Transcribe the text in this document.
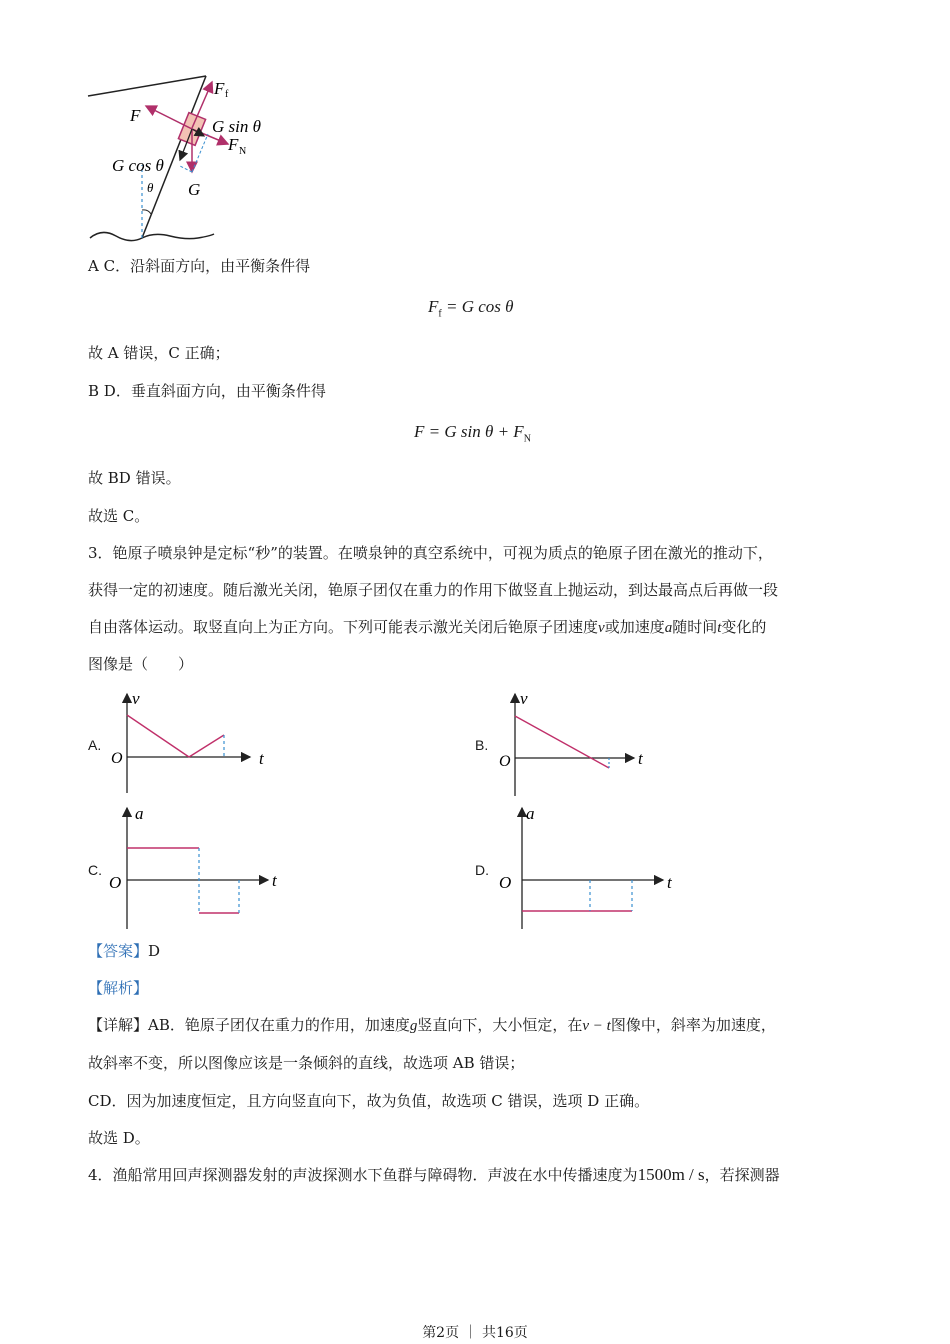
F f
F
G sin θ
F N
G cos θ
θ G
A C．沿斜面方向，由平衡条件得
$F_f = G$ cos θ
故 A 错误，C 正确；
B D．垂直斜面方向，由平衡条件得
F = G $\sin \theta + F_N$
故 BD 错误。
故选 C。
3．铯原子喷泉钟是定标“秒”的装置。在喷泉钟的真空系统中，可视为质点的铯原子团在激光的推动下，
获得一定的初速度。随后激光关闭，铯原子团仅在重力的作用下做竖直上抛运动，到达最高点后再做一段
自由落体运动。取竖直向上为正方向。下列可能表示激光关闭后铯原子团速度v或加速度a随时间t变化的
图像是（　　）
A.
v
t
O
B.
v
t
O
C.
a
t
O
D.
a
t
O
【答案】D
【解析】
【详解】AB．铯原子团仅在重力的作用，加速度g竖直向下，大小恒定，在v − t图像中，斜率为加速度，
故斜率不变，所以图像应该是一条倾斜的直线，故选项 AB 错误；
CD．因为加速度恒定，且方向竖直向下，故为负值，故选项 C 错误，选项 D 正确。
故选 D。
4．渔船常用回声探测器发射的声波探测水下鱼群与障碍物．声波在水中传播速度为1500m / s，若探测器
第2页 ｜ 共16页
